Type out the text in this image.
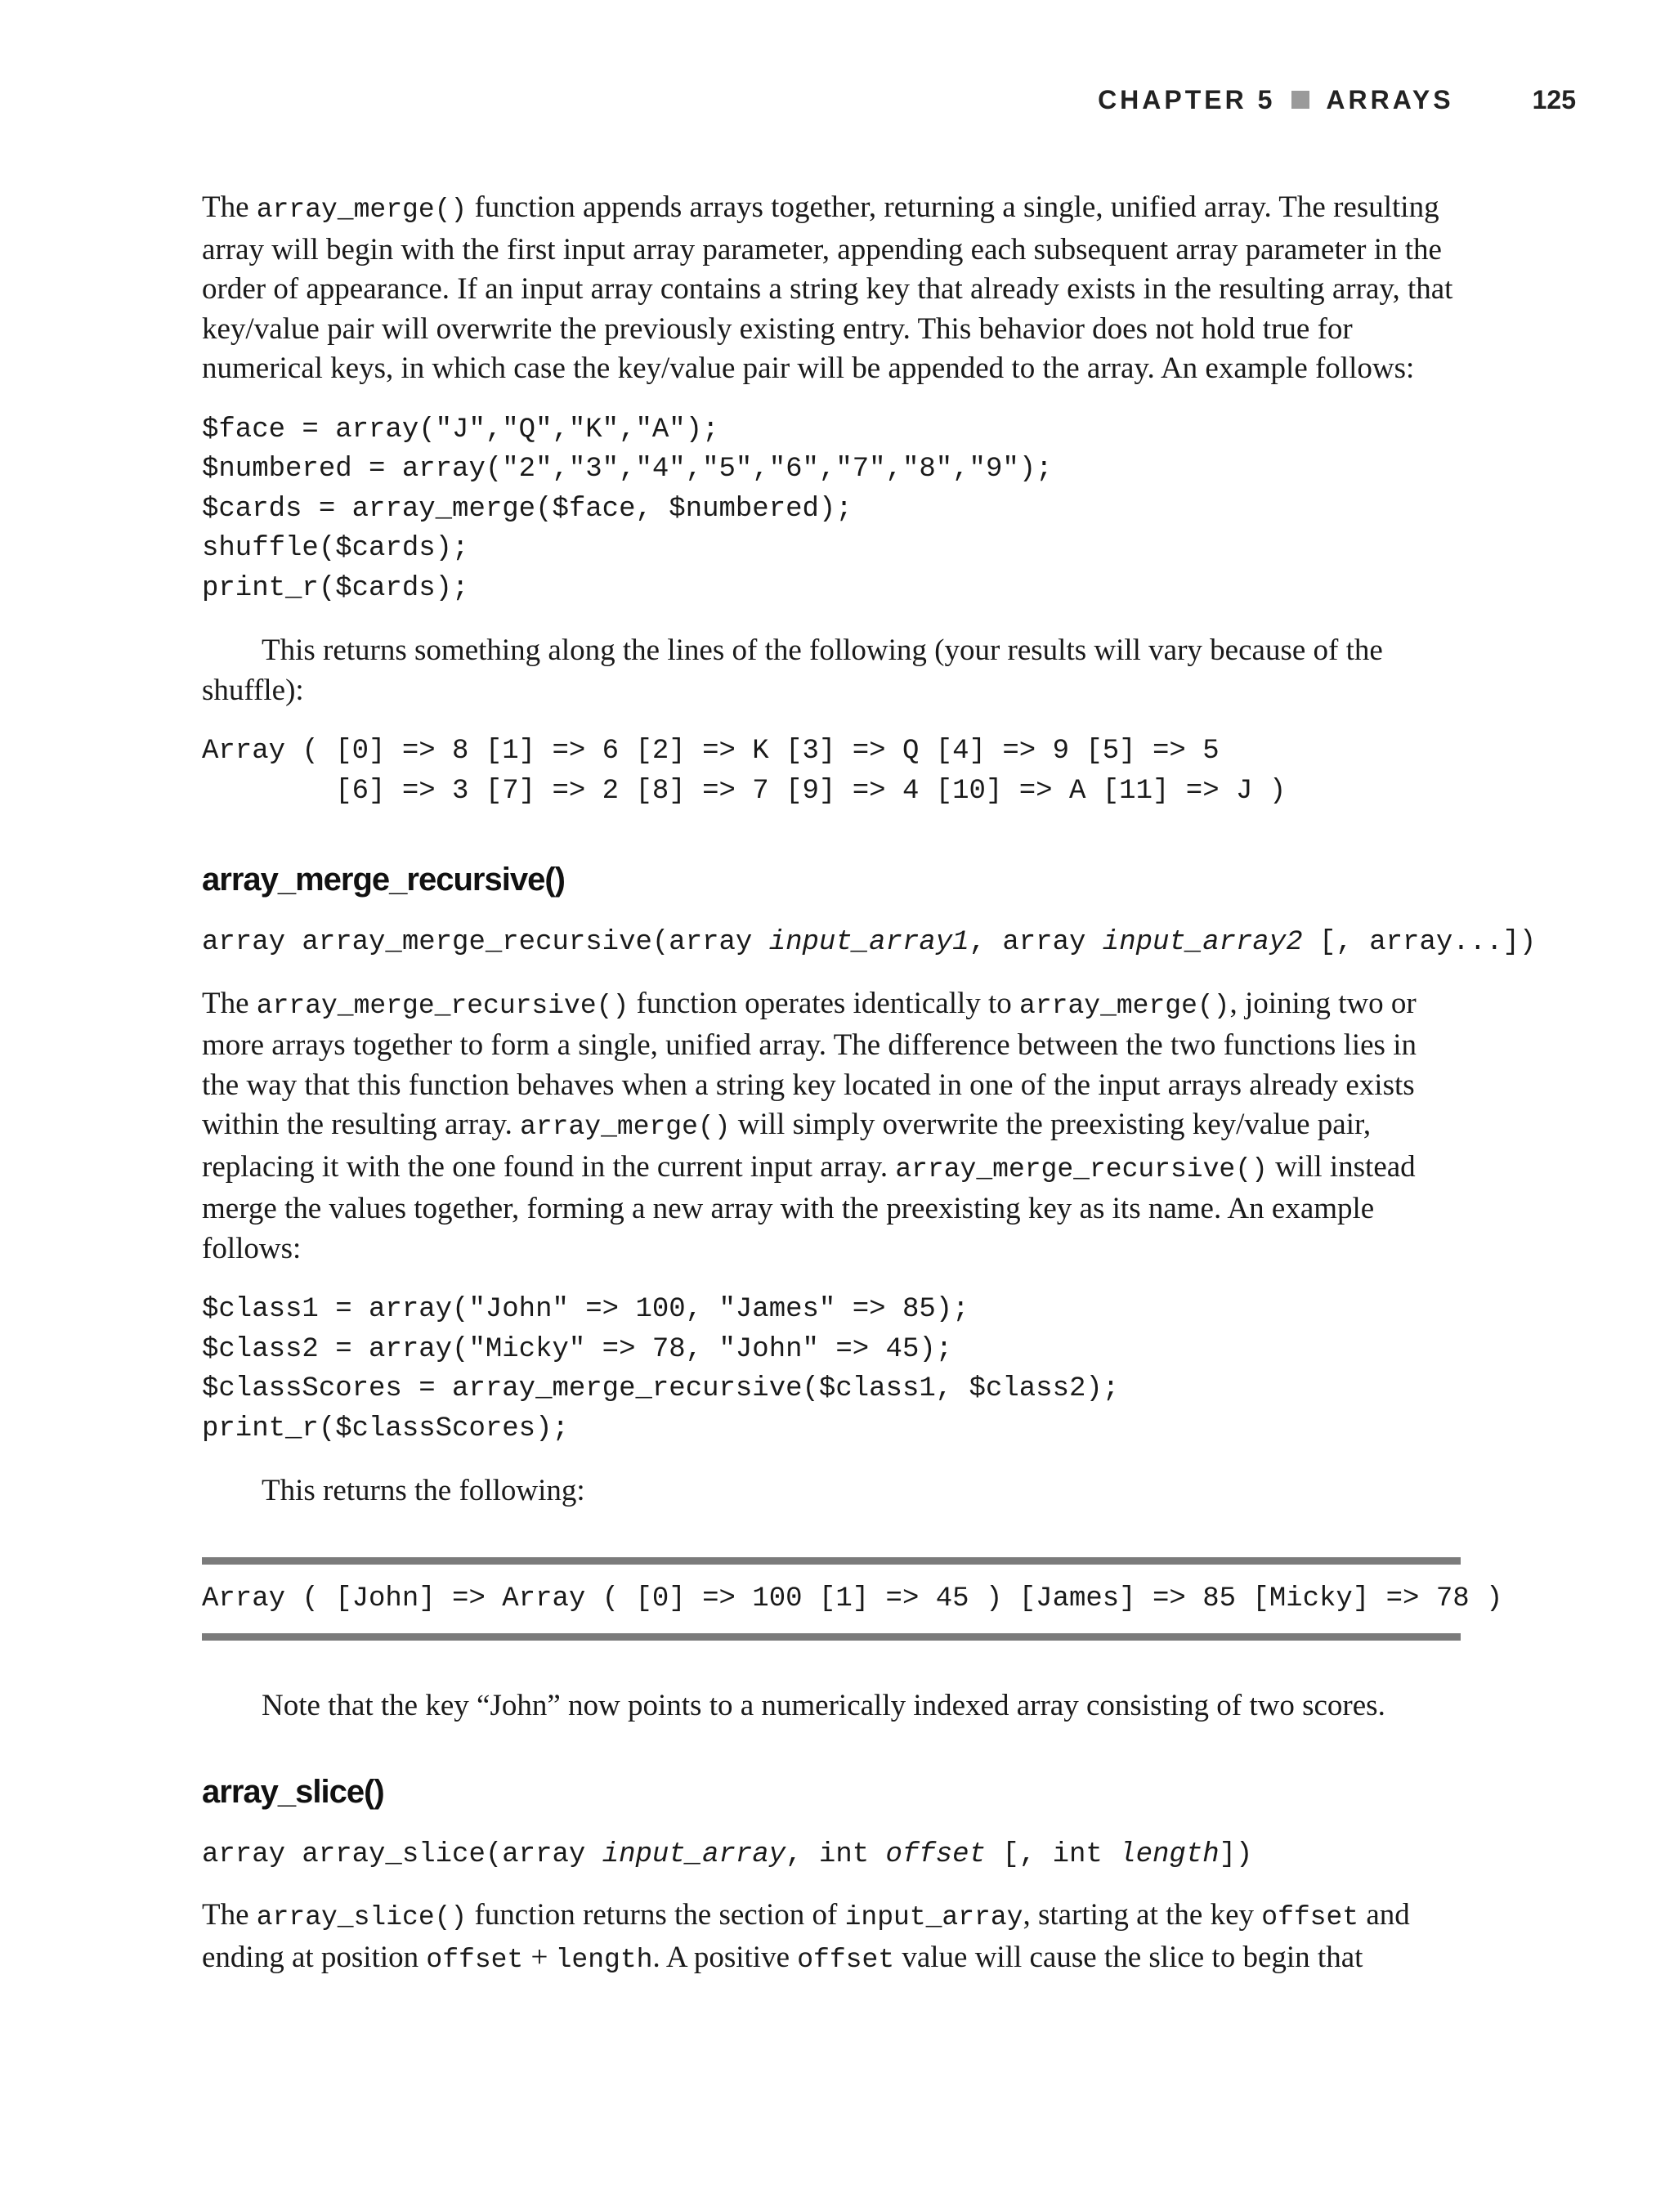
CHAPTER 5 ARRAYS	125

The array_merge() function appends arrays together, returning a single, unified array. The resulting array will begin with the first input array parameter, appending each subsequent array parameter in the order of appearance. If an input array contains a string key that already exists in the resulting array, that key/value pair will overwrite the previously existing entry. This behavior does not hold true for numerical keys, in which case the key/value pair will be appended to the array. An example follows:

$face = array("J","Q","K","A");
$numbered = array("2","3","4","5","6","7","8","9");
$cards = array_merge($face, $numbered);
shuffle($cards);
print_r($cards);

This returns something along the lines of the following (your results will vary because of the shuffle):

Array ( [0] => 8 [1] => 6 [2] => K [3] => Q [4] => 9 [5] => 5
[6] => 3 [7] => 2 [8] => 7 [9] => 4 [10] => A [11] => J )
array_merge_recursive()
array array_merge_recursive(array input_array1, array input_array2 [, array...])

The array_merge_recursive() function operates identically to array_merge(), joining two or more arrays together to form a single, unified array. The difference between the two functions lies in the way that this function behaves when a string key located in one of the input arrays already exists within the resulting array. array_merge() will simply overwrite the preexisting key/value pair, replacing it with the one found in the current input array. array_merge_recursive() will instead merge the values together, forming a new array with the preexisting key as its name. An example follows:

$class1 = array("John" => 100, "James" => 85);
$class2 = array("Micky" => 78, "John" => 45);
$classScores = array_merge_recursive($class1, $class2);
print_r($classScores);

This returns the following:

Array ( [John] => Array ( [0] => 100 [1] => 45 ) [James] => 85 [Micky] => 78 )

Note that the key “John” now points to a numerically indexed array consisting of two scores.

array_slice()
array array_slice(array input_array, int offset [, int length])

The array_slice() function returns the section of input_array, starting at the key offset and ending at position offset + length. A positive offset value will cause the slice to begin that
